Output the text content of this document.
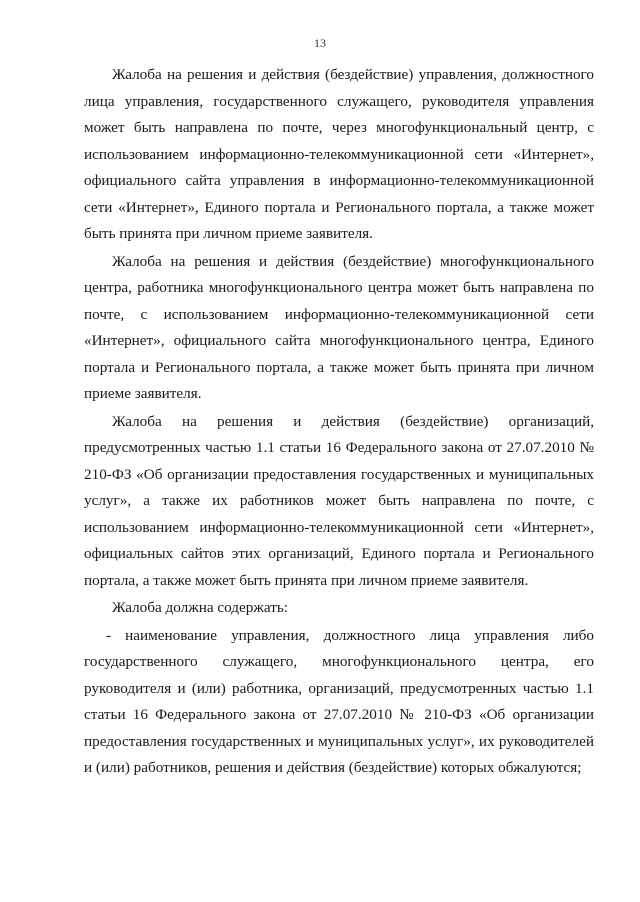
13

Жалоба на решения и действия (бездействие) управления, должностного лица управления, государственного служащего, руководителя управления может быть направлена по почте, через многофункциональный центр, с использованием информационно-телекоммуникационной сети «Интернет», официального сайта управления в информационно-телекоммуникационной сети «Интернет», Единого портала и Регионального портала, а также может быть принята при личном приеме заявителя.

Жалоба на решения и действия (бездействие) многофункционального центра, работника многофункционального центра может быть направлена по почте, с использованием информационно-телекоммуникационной сети «Интернет», официального сайта многофункционального центра, Единого портала и Регионального портала, а также может быть принята при личном приеме заявителя.

Жалоба на решения и действия (бездействие) организаций, предусмотренных частью 1.1 статьи 16 Федерального закона от 27.07.2010 № 210-ФЗ «Об организации предоставления государственных и муниципальных услуг», а также их работников может быть направлена по почте, с использованием информационно-телекоммуникационной сети «Интернет», официальных сайтов этих организаций, Единого портала и Регионального портала, а также может быть принята при личном приеме заявителя.

Жалоба должна содержать:

- наименование управления, должностного лица управления либо государственного служащего, многофункционального центра, его руководителя и (или) работника, организаций, предусмотренных частью 1.1 статьи 16 Федерального закона от 27.07.2010 № 210-ФЗ «Об организации предоставления государственных и муниципальных услуг», их руководителей и (или) работников, решения и действия (бездействие) которых обжалуются;
